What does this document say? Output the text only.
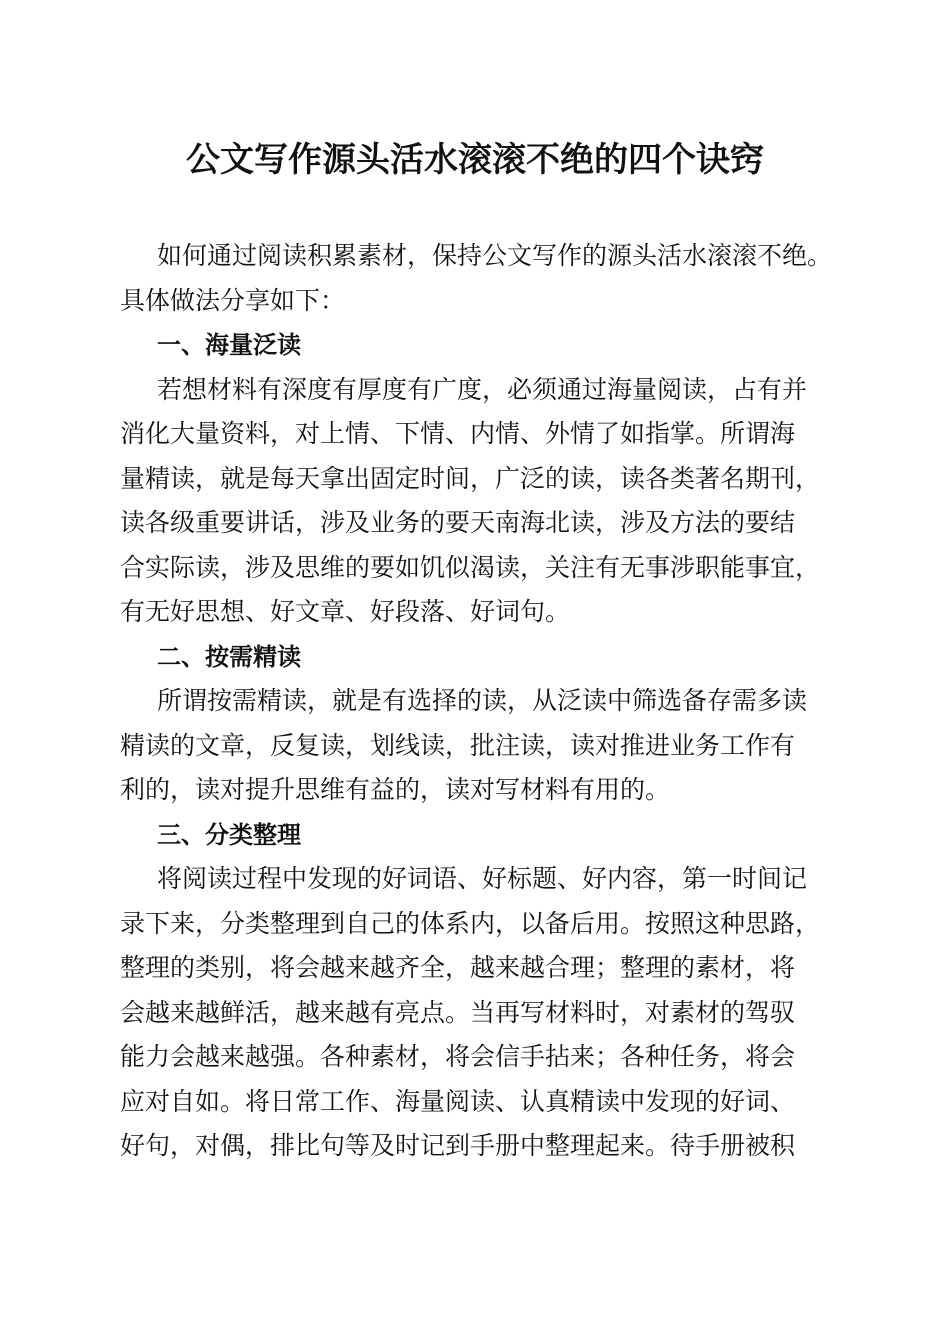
公文写作源头活水滚滚不绝的四个诀窍
如何通过阅读积累素材，保持公文写作的源头活水滚滚不绝。
具体做法分享如下：
一、海量泛读
若想材料有深度有厚度有广度，必须通过海量阅读，占有并
消化大量资料，对上情、下情、内情、外情了如指掌。所谓海
量精读，就是每天拿出固定时间，广泛的读，读各类著名期刊，
读各级重要讲话，涉及业务的要天南海北读，涉及方法的要结
合实际读，涉及思维的要如饥似渴读，关注有无事涉职能事宜，
有无好思想、好文章、好段落、好词句。
二、按需精读
所谓按需精读，就是有选择的读，从泛读中筛选备存需多读
精读的文章，反复读，划线读，批注读，读对推进业务工作有
利的，读对提升思维有益的，读对写材料有用的。
三、分类整理
将阅读过程中发现的好词语、好标题、好内容，第一时间记
录下来，分类整理到自己的体系内，以备后用。按照这种思路，
整理的类别，将会越来越齐全，越来越合理；整理的素材，将
会越来越鲜活，越来越有亮点。当再写材料时，对素材的驾驭
能力会越来越强。各种素材，将会信手拈来；各种任务，将会
应对自如。将日常工作、海量阅读、认真精读中发现的好词、
好句，对偶，排比句等及时记到手册中整理起来。待手册被积
